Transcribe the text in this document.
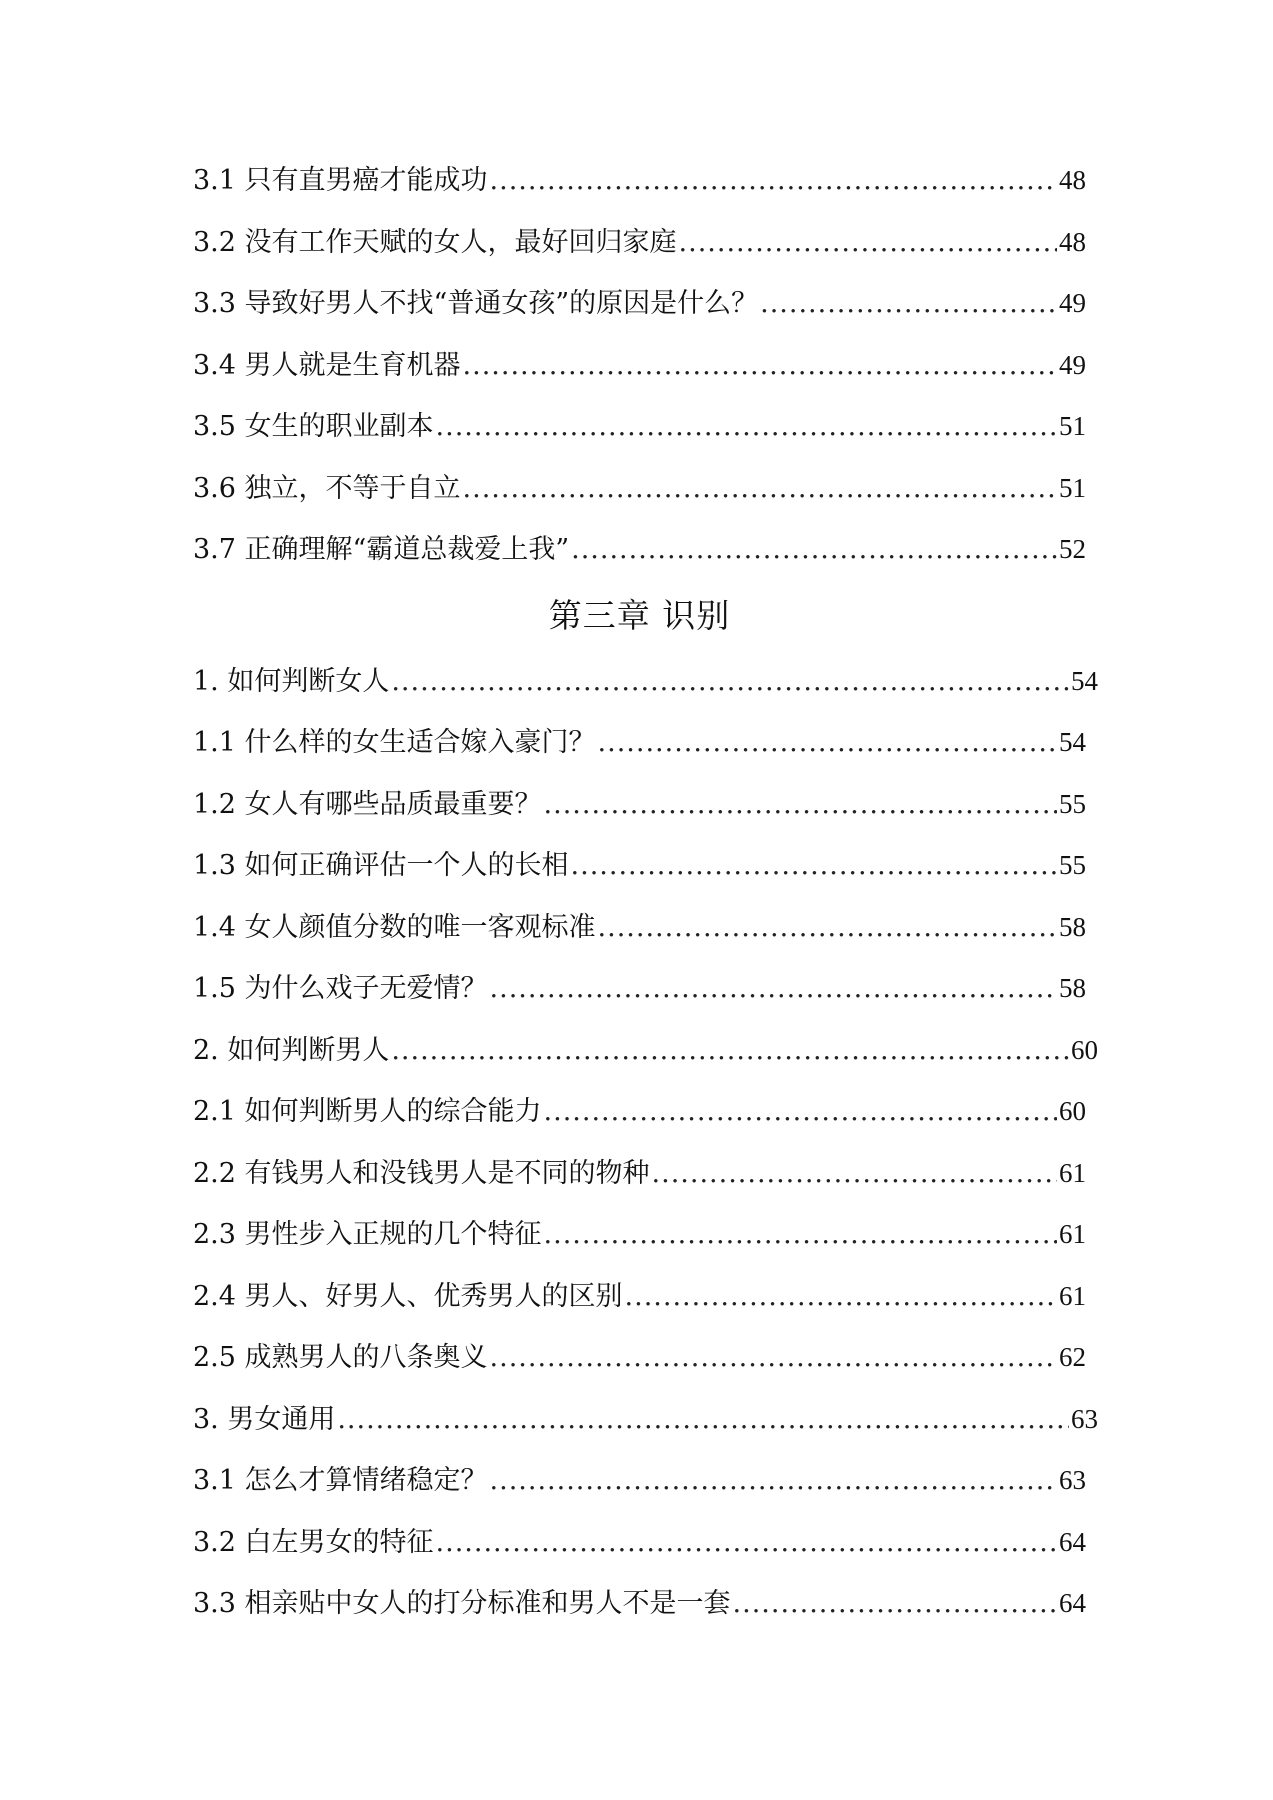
3.1 只有直男癌才能成功 .....	48
3.2 没有工作天赋的女人，最好回归家庭 .....	48
3.3 导致好男人不找“普通女孩”的原因是什么？ .....	49
3.4 男人就是生育机器 .....	49
3.5 女生的职业副本 .....	51
3.6 独立，不等于自立 .....	51
3.7 正确理解“霸道总裁爱上我” .....	52
第三章 识别
1. 如何判断女人 .....	54
1.1 什么样的女生适合嫁入豪门？ .....	54
1.2 女人有哪些品质最重要？ .....	55
1.3 如何正确评估一个人的长相 .....	55
1.4 女人颜值分数的唯一客观标准 .....	58
1.5 为什么戏子无爱情？ .....	58
2. 如何判断男人 .....	60
2.1 如何判断男人的综合能力 .....	60
2.2 有钱男人和没钱男人是不同的物种 .....	61
2.3 男性步入正规的几个特征 .....	61
2.4 男人、好男人、优秀男人的区别 .....	61
2.5 成熟男人的八条奥义 .....	62
3. 男女通用 .....	63
3.1 怎么才算情绪稳定？ .....	63
3.2 白左男女的特征 .....	64
3.3 相亲贴中女人的打分标准和男人不是一套 .....	64
